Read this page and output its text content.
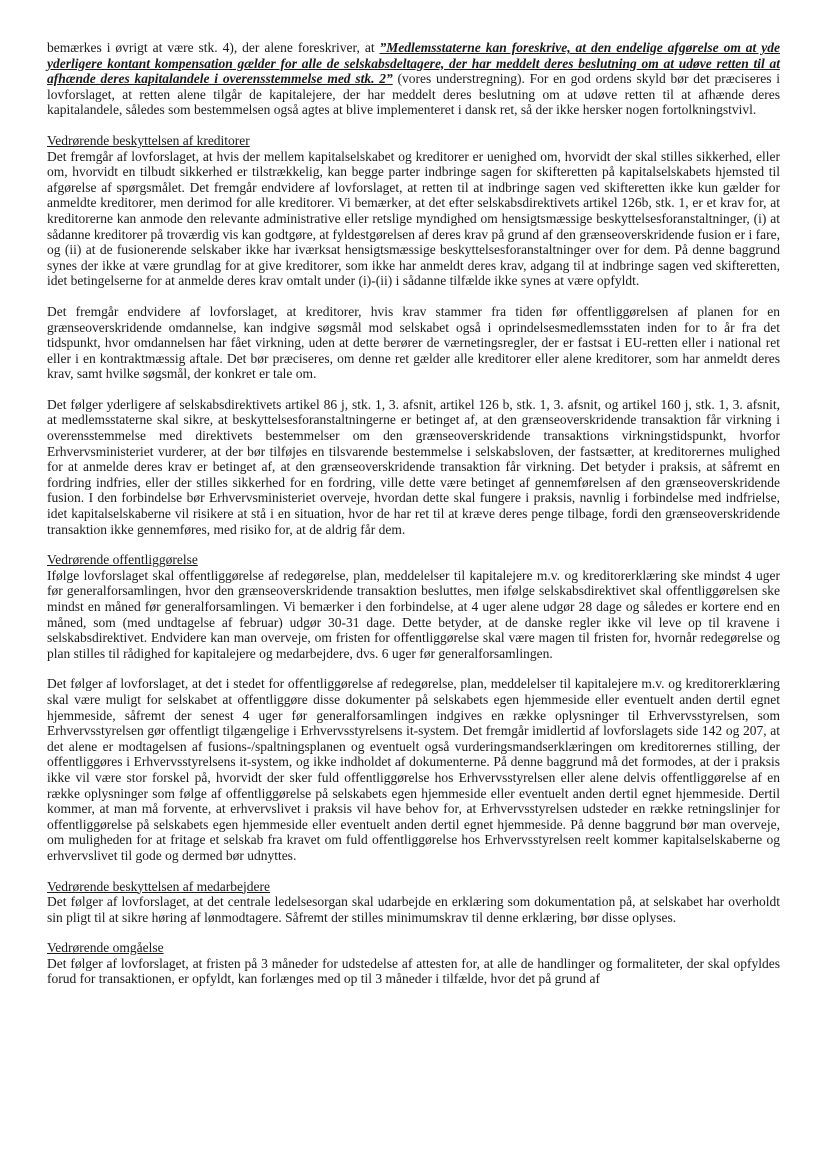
bemærkes i øvrigt at være stk. 4), der alene foreskriver, at ”Medlemsstaterne kan foreskrive, at den endelige afgørelse om at yde yderligere kontant kompensation gælder for alle de selskabsdeltagere, der har meddelt deres beslutning om at udøve retten til at afhænde deres kapitalandele i overensstemmelse med stk. 2” (vores understregning). For en god ordens skyld bør det præciseres i lovforslaget, at retten alene tilgår de kapitalejere, der har meddelt deres beslutning om at udøve retten til at afhænde deres kapitalandele, således som bestemmelsen også agtes at blive implementeret i dansk ret, så der ikke hersker nogen fortolkningstvivl.

Vedrørende beskyttelsen af kreditorer

Det fremgår af lovforslaget, at hvis der mellem kapitalselskabet og kreditorer er uenighed om, hvorvidt der skal stilles sikkerhed, eller om, hvorvidt en tilbudt sikkerhed er tilstrækkelig, kan begge parter indbringe sagen for skifteretten på kapitalselskabets hjemsted til afgørelse af spørgsmålet. Det fremgår endvidere af lovforslaget, at retten til at indbringe sagen ved skifteretten ikke kun gælder for anmeldte kreditorer, men derimod for alle kreditorer. Vi bemærker, at det efter selskabsdirektivets artikel 126b, stk. 1, er et krav for, at kreditorerne kan anmode den relevante administrative eller retslige myndighed om hensigtsmæssige beskyttelsesforanstaltninger, (i) at sådanne kreditorer på troværdig vis kan godtgøre, at fyldestgørelsen af deres krav på grund af den grænseoverskridende fusion er i fare, og (ii) at de fusionerende selskaber ikke har iværksat hensigtsmæssige beskyttelsesforanstaltninger over for dem. På denne baggrund synes der ikke at være grundlag for at give kreditorer, som ikke har anmeldt deres krav, adgang til at indbringe sagen ved skifteretten, idet betingelserne for at anmelde deres krav omtalt under (i)-(ii) i sådanne tilfælde ikke synes at være opfyldt.

Det fremgår endvidere af lovforslaget, at kreditorer, hvis krav stammer fra tiden før offentliggørelsen af planen for en grænseoverskridende omdannelse, kan indgive søgsmål mod selskabet også i oprindelsesmedlemsstaten inden for to år fra det tidspunkt, hvor omdannelsen har fået virkning, uden at dette berører de værnetingsregler, der er fastsat i EU-retten eller i national ret eller i en kontraktmæssig aftale. Det bør præciseres, om denne ret gælder alle kreditorer eller alene kreditorer, som har anmeldt deres krav, samt hvilke søgsmål, der konkret er tale om.

Det følger yderligere af selskabsdirektivets artikel 86 j, stk. 1, 3. afsnit, artikel 126 b, stk. 1, 3. afsnit, og artikel 160 j, stk. 1, 3. afsnit, at medlemsstaterne skal sikre, at beskyttelsesforanstaltningerne er betinget af, at den grænseoverskridende transaktion får virkning i overensstemmelse med direktivets bestemmelser om den grænseoverskridende transaktions virkningstidspunkt, hvorfor Erhvervsministeriet vurderer, at der bør tilføjes en tilsvarende bestemmelse i selskabsloven, der fastsætter, at kreditorernes mulighed for at anmelde deres krav er betinget af, at den grænseoverskridende transaktion får virkning. Det betyder i praksis, at såfremt en fordring indfries, eller der stilles sikkerhed for en fordring, ville dette være betinget af gennemførelsen af den grænseoverskridende fusion. I den forbindelse bør Erhvervsministeriet overveje, hvordan dette skal fungere i praksis, navnlig i forbindelse med indfrielse, idet kapitalselskaberne vil risikere at stå i en situation, hvor de har ret til at kræve deres penge tilbage, fordi den grænseoverskridende transaktion ikke gennemføres, med risiko for, at de aldrig får dem.

Vedrørende offentliggørelse

Ifølge lovforslaget skal offentliggørelse af redegørelse, plan, meddelelser til kapitalejere m.v. og kreditorerklæring ske mindst 4 uger før generalforsamlingen, hvor den grænseoverskridende transaktion besluttes, men ifølge selskabsdirektivet skal offentliggørelsen ske mindst en måned før generalforsamlingen. Vi bemærker i den forbindelse, at 4 uger alene udgør 28 dage og således er kortere end en måned, som (med undtagelse af februar) udgør 30-31 dage. Dette betyder, at de danske regler ikke vil leve op til kravene i selskabsdirektivet. Endvidere kan man overveje, om fristen for offentliggørelse skal være magen til fristen for, hvornår redegørelse og plan stilles til rådighed for kapitalejere og medarbejdere, dvs. 6 uger før generalforsamlingen.

Det følger af lovforslaget, at det i stedet for offentliggørelse af redegørelse, plan, meddelelser til kapitalejere m.v. og kreditorerklæring skal være muligt for selskabet at offentliggøre disse dokumenter på selskabets egen hjemmeside eller eventuelt anden dertil egnet hjemmeside, såfremt der senest 4 uger før generalforsamlingen indgives en række oplysninger til Erhvervsstyrelsen, som Erhvervsstyrelsen gør offentligt tilgængelige i Erhvervsstyrelsens it-system. Det fremgår imidlertid af lovforslagets side 142 og 207, at det alene er modtagelsen af fusions-/spaltningsplanen og eventuelt også vurderingsmandserklæringen om kreditorernes stilling, der offentliggøres i Erhvervsstyrelsens it-system, og ikke indholdet af dokumenterne. På denne baggrund må det formodes, at der i praksis ikke vil være stor forskel på, hvorvidt der sker fuld offentliggørelse hos Erhvervsstyrelsen eller alene delvis offentliggørelse af en række oplysninger som følge af offentliggørelse på selskabets egen hjemmeside eller eventuelt anden dertil egnet hjemmeside. Dertil kommer, at man må forvente, at erhvervslivet i praksis vil have behov for, at Erhvervsstyrelsen udsteder en række retningslinjer for offentliggørelse på selskabets egen hjemmeside eller eventuelt anden dertil egnet hjemmeside. På denne baggrund bør man overveje, om muligheden for at fritage et selskab fra kravet om fuld offentliggørelse hos Erhvervsstyrelsen reelt kommer kapitalselskaberne og erhvervslivet til gode og dermed bør udnyttes.

Vedrørende beskyttelsen af medarbejdere

Det følger af lovforslaget, at det centrale ledelsesorgan skal udarbejde en erklæring som dokumentation på, at selskabet har overholdt sin pligt til at sikre høring af lønmodtagere. Såfremt der stilles minimumskrav til denne erklæring, bør disse oplyses.

Vedrørende omgåelse

Det følger af lovforslaget, at fristen på 3 måneder for udstedelse af attesten for, at alle de handlinger og formaliteter, der skal opfyldes forud for transaktionen, er opfyldt, kan forlænges med op til 3 måneder i tilfælde, hvor det på grund af
